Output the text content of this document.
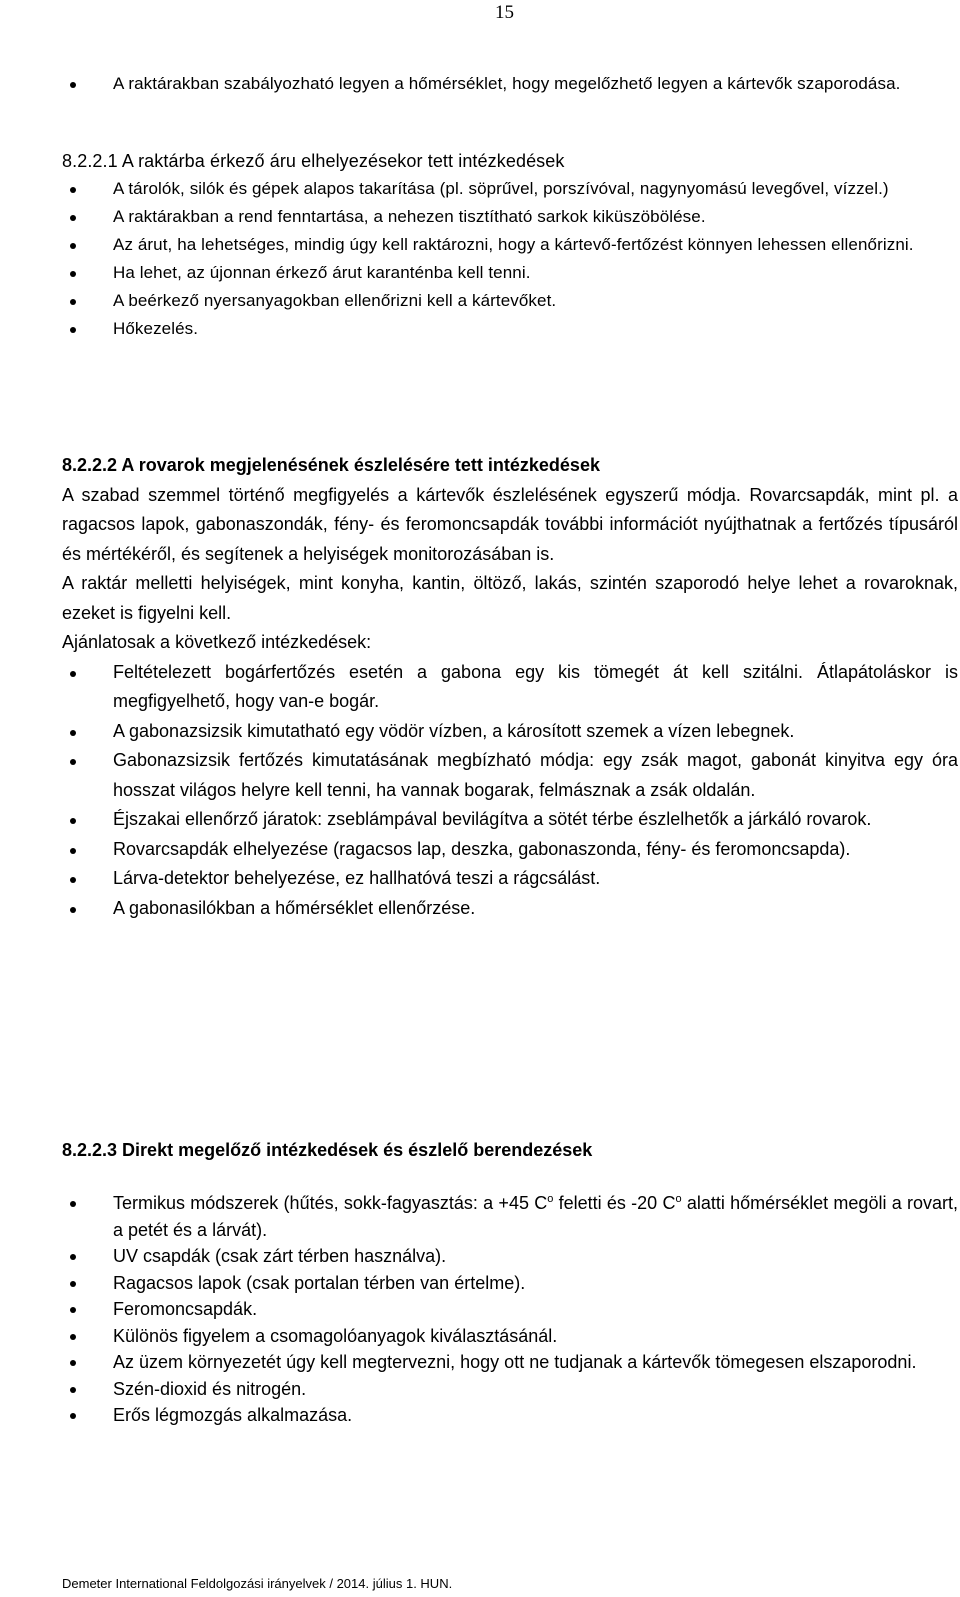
15
A raktárakban szabályozható legyen a hőmérséklet, hogy megelőzhető legyen a kártevők szaporodása.

8.2.2.1 A raktárba érkező áru elhelyezésekor tett intézkedések

A tárolók, silók és gépek alapos takarítása (pl. söprűvel, porszívóval, nagynyomású levegővel, vízzel.)
A raktárakban a rend fenntartása, a nehezen tisztítható sarkok kiküszöbölése.
Az árut, ha lehetséges, mindig úgy kell raktározni, hogy a kártevő-fertőzést könnyen lehessen ellenőrizni.
Ha lehet, az újonnan érkező árut karanténba kell tenni.
A beérkező nyersanyagokban ellenőrizni kell a kártevőket.
Hőkezelés.

8.2.2.2 A rovarok megjelenésének észlelésére tett intézkedések

A szabad szemmel történő megfigyelés a kártevők észlelésének egyszerű módja. Rovarcsapdák, mint pl. a ragacsos lapok, gabonaszondák, fény- és feromoncsapdák további információt nyújthatnak a fertőzés típusáról és mértékéről, és segítenek a helyiségek monitorozásában is.

A raktár melletti helyiségek, mint konyha, kantin, öltöző, lakás, szintén szaporodó helye lehet a rovaroknak, ezeket is figyelni kell.

Ajánlatosak a következő intézkedések:

Feltételezett bogárfertőzés esetén a gabona egy kis tömegét át kell szitálni. Átlapátoláskor is megfigyelhető, hogy van-e bogár.
A gabonazsizsik kimutatható egy vödör vízben, a károsított szemek a vízen lebegnek.
Gabonazsizsik fertőzés kimutatásának megbízható módja: egy zsák magot, gabonát kinyitva egy óra hosszat világos helyre kell tenni, ha vannak bogarak, felmásznak a zsák oldalán.
Éjszakai ellenőrző járatok: zseblámpával bevilágítva a sötét térbe észlelhetők a járkáló rovarok.
Rovarcsapdák elhelyezése (ragacsos lap, deszka, gabonaszonda, fény- és feromoncsapda).
Lárva-detektor behelyezése, ez hallhatóvá teszi a rágcsálást.
A gabonasilókban a hőmérséklet ellenőrzése.

8.2.2.3 Direkt megelőző intézkedések és észlelő berendezések

Termikus módszerek (hűtés, sokk-fagyasztás: a +45 $C^o$ feletti és -20 $C^o$ alatti hőmérséklet megöli a rovart, a petét és a lárvát).
UV csapdák (csak zárt térben használva).
Ragacsos lapok (csak portalan térben van értelme).
Feromoncsapdák.
Különös figyelem a csomagolóanyagok kiválasztásánál.
Az üzem környezetét úgy kell megtervezni, hogy ott ne tudjanak a kártevők tömegesen elszaporodni.
Szén-dioxid és nitrogén.
Erős légmozgás alkalmazása.
Demeter International Feldolgozási irányelvek / 2014. július 1. HUN.
